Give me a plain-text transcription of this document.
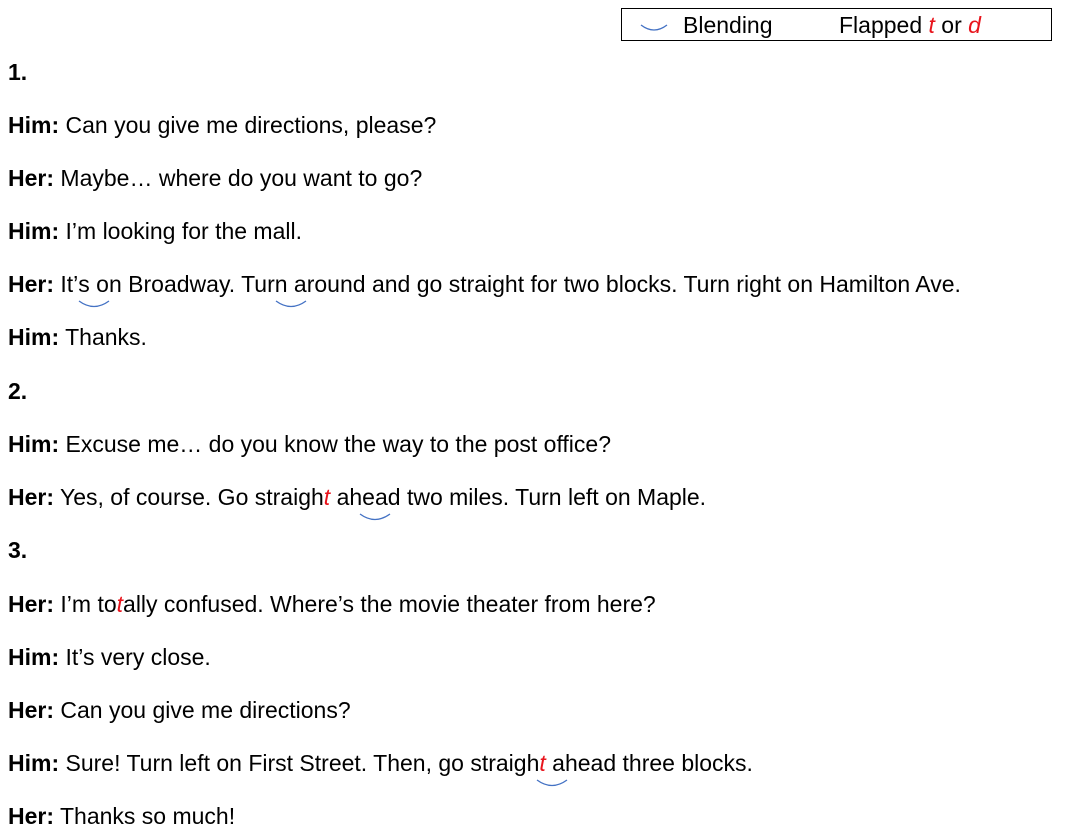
Blending	Flapped t or d
1.
Him: Can you give me directions, please?
Her: Maybe… where do you want to go?
Him: I’m looking for the mall.
Her: It’s o
n Broadway. Turn a
round and go straight for two blocks. Turn right on Hamilton Ave.
Him: Thanks.
2.
Him: Excuse me… do you know the way to the post office?
Her: Yes, of course. Go straight ahea
d two miles. Turn left on Maple.
3.
Her: I’m totally confused. Where’s the movie theater from here?
Him: It’s very close.
Her: Can you give me directions?
Him: Sure! Turn left on First Street. Then, go straight a
head three blocks.
Her: Thanks so much!
